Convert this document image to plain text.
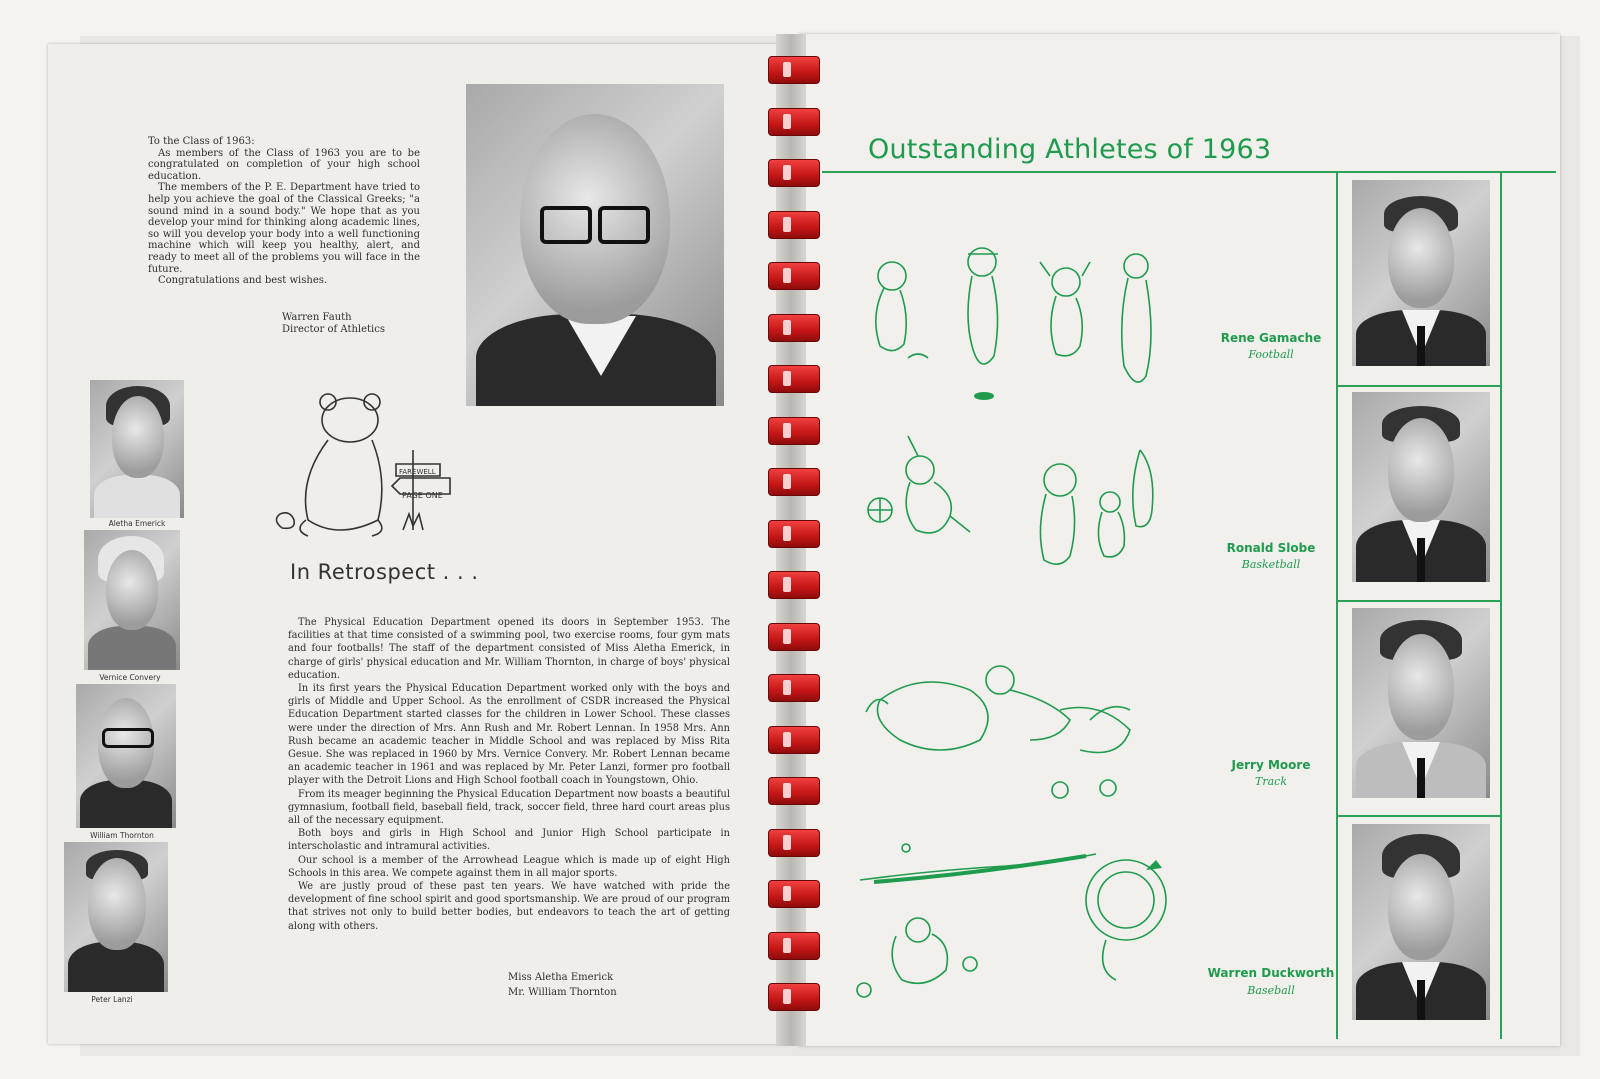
To the Class of 1963:

As members of the Class of 1963 you are to be congratulated on completion of your high school education.

The members of the P. E. Department have tried to help you achieve the goal of the Classical Greeks; "a sound mind in a sound body." We hope that as you develop your mind for thinking along academic lines, so will you develop your body into a well functioning machine which will keep you healthy, alert, and ready to meet all of the problems you will face in the future.

Congratulations and best wishes.

Warren Fauth
Director of Athletics
Aletha Emerick
Vernice Convery
William Thornton
Peter Lanzi
FAREWELL
PAGE ONE
In Retrospect . . .

The Physical Education Department opened its doors in September 1953. The facilities at that time consisted of a swimming pool, two exercise rooms, four gym mats and four footballs! The staff of the department consisted of Miss Aletha Emerick, in charge of girls' physical education and Mr. William Thornton, in charge of boys' physical education.

In its first years the Physical Education Department worked only with the boys and girls of Middle and Upper School. As the enrollment of CSDR increased the Physical Education Department started classes for the children in Lower School. These classes were under the direction of Mrs. Ann Rush and Mr. Robert Lennan. In 1958 Mrs. Ann Rush became an academic teacher in Middle School and was replaced by Miss Rita Gesue. She was replaced in 1960 by Mrs. Vernice Convery. Mr. Robert Lennan became an academic teacher in 1961 and was replaced by Mr. Peter Lanzi, former pro football player with the Detroit Lions and High School football coach in Youngstown, Ohio.

From its meager beginning the Physical Education Department now boasts a beautiful gymnasium, football field, baseball field, track, soccer field, three hard court areas plus all of the necessary equipment.

Both boys and girls in High School and Junior High School participate in interscholastic and intramural activities.

Our school is a member of the Arrowhead League which is made up of eight High Schools in this area. We compete against them in all major sports.

We are justly proud of these past ten years. We have watched with pride the development of fine school spirit and good sportsmanship. We are proud of our program that strives not only to build better bodies, but endeavors to teach the art of getting along with others.

Miss Aletha Emerick
Mr. William Thornton
Outstanding Athletes of 1963
Rene Gamache
Football
Ronald Slobe
Basketball
Jerry Moore
Track
Warren Duckworth
Baseball
